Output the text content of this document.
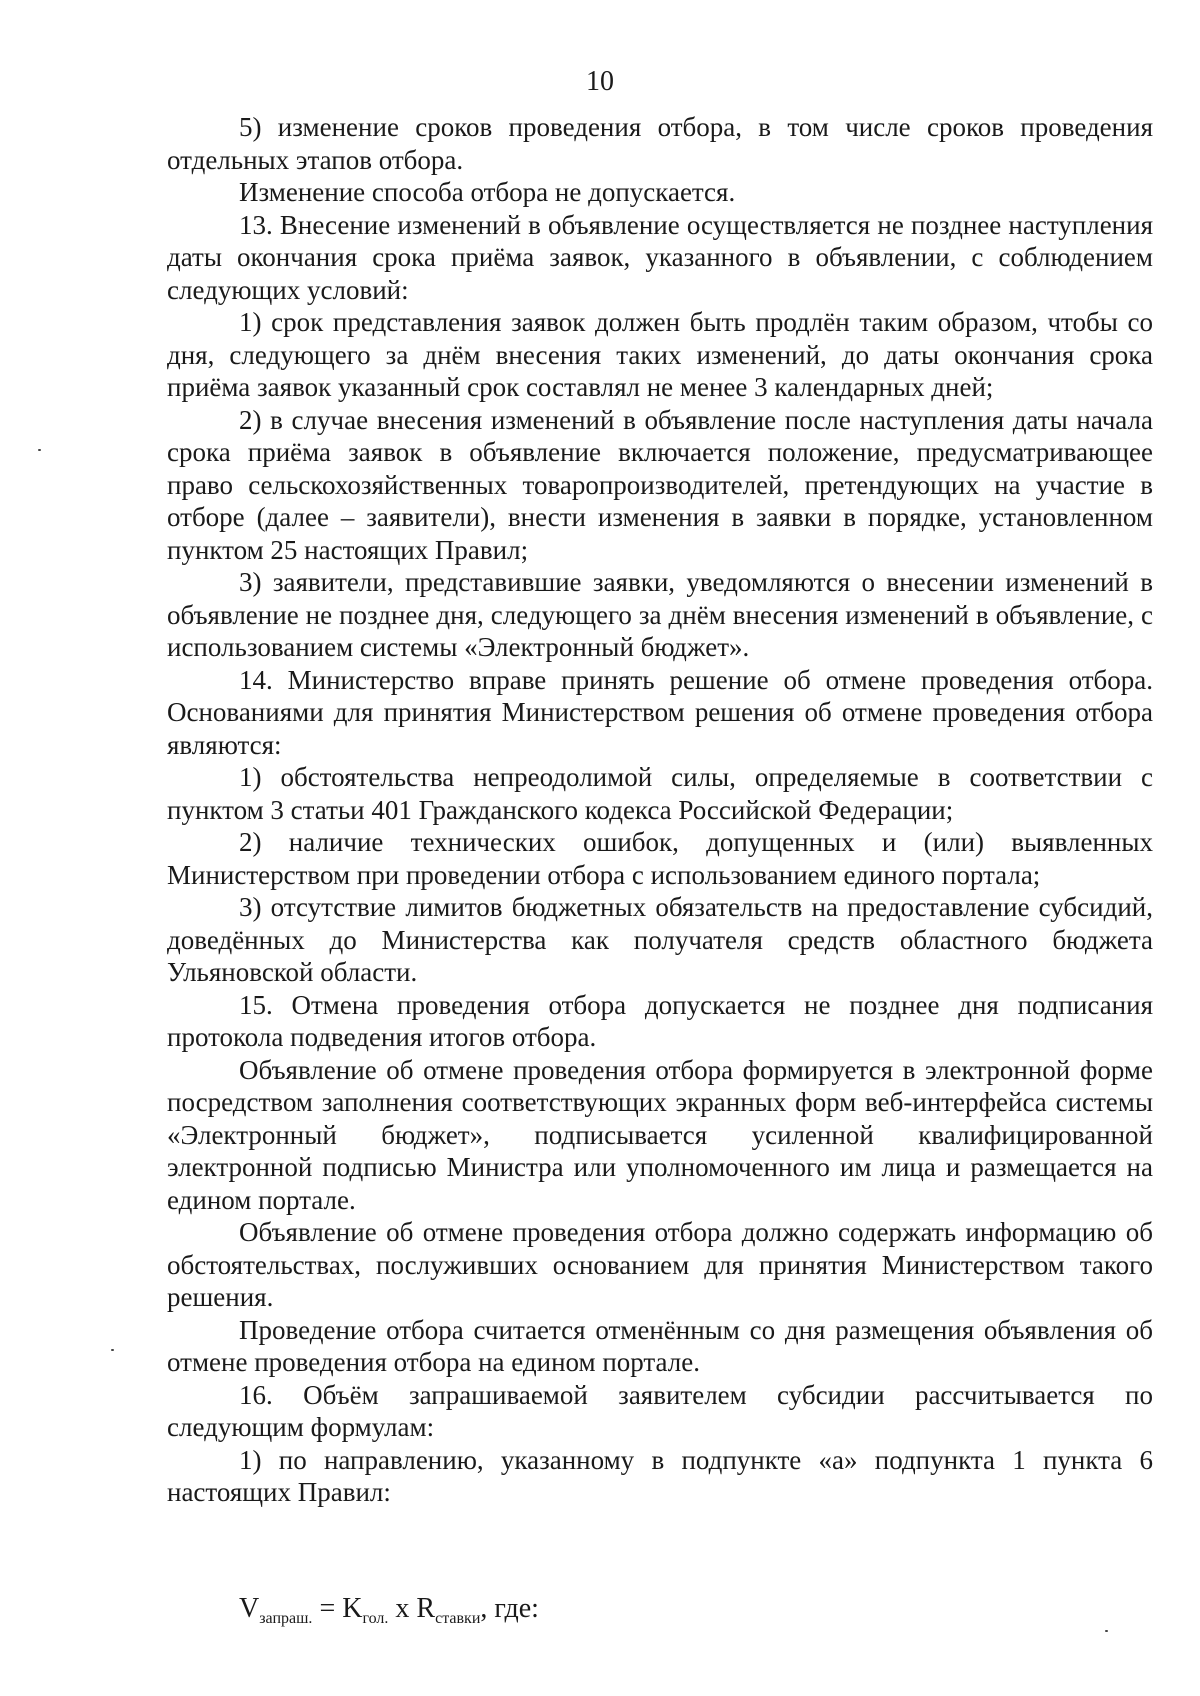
10

5) изменение сроков проведения отбора, в том числе сроков проведения отдельных этапов отбора.

Изменение способа отбора не допускается.

13. Внесение изменений в объявление осуществляется не позднее наступления даты окончания срока приёма заявок, указанного в объявлении, с соблюдением следующих условий:

1) срок представления заявок должен быть продлён таким образом, чтобы со дня, следующего за днём внесения таких изменений, до даты окончания срока приёма заявок указанный срок составлял не менее 3 календарных дней;

2) в случае внесения изменений в объявление после наступления даты начала срока приёма заявок в объявление включается положение, предусматривающее право сельскохозяйственных товаропроизводителей, претендующих на участие в отборе (далее – заявители), внести изменения в заявки в порядке, установленном пунктом 25 настоящих Правил;

3) заявители, представившие заявки, уведомляются о внесении изменений в объявление не позднее дня, следующего за днём внесения изменений в объявление, с использованием системы «Электронный бюджет».

14. Министерство вправе принять решение об отмене проведения отбора. Основаниями для принятия Министерством решения об отмене проведения отбора являются:

1) обстоятельства непреодолимой силы, определяемые в соответствии с пунктом 3 статьи 401 Гражданского кодекса Российской Федерации;

2) наличие технических ошибок, допущенных и (или) выявленных Министерством при проведении отбора с использованием единого портала;

3) отсутствие лимитов бюджетных обязательств на предоставление субсидий, доведённых до Министерства как получателя средств областного бюджета Ульяновской области.

15. Отмена проведения отбора допускается не позднее дня подписания протокола подведения итогов отбора.

Объявление об отмене проведения отбора формируется в электронной форме посредством заполнения соответствующих экранных форм веб-интерфейса системы «Электронный бюджет», подписывается усиленной квалифицированной электронной подписью Министра или уполномоченного им лица и размещается на едином портале.

Объявление об отмене проведения отбора должно содержать информацию об обстоятельствах, послуживших основанием для принятия Министерством такого решения.

Проведение отбора считается отменённым со дня размещения объявления об отмене проведения отбора на едином портале.

16. Объём запрашиваемой заявителем субсидии рассчитывается по следующим формулам:

1) по направлению, указанному в подпункте «а» подпункта 1 пункта 6 настоящих Правил:

$V_{запраш.} = K_{гол.}$ x $R_{ставки}$, где:
